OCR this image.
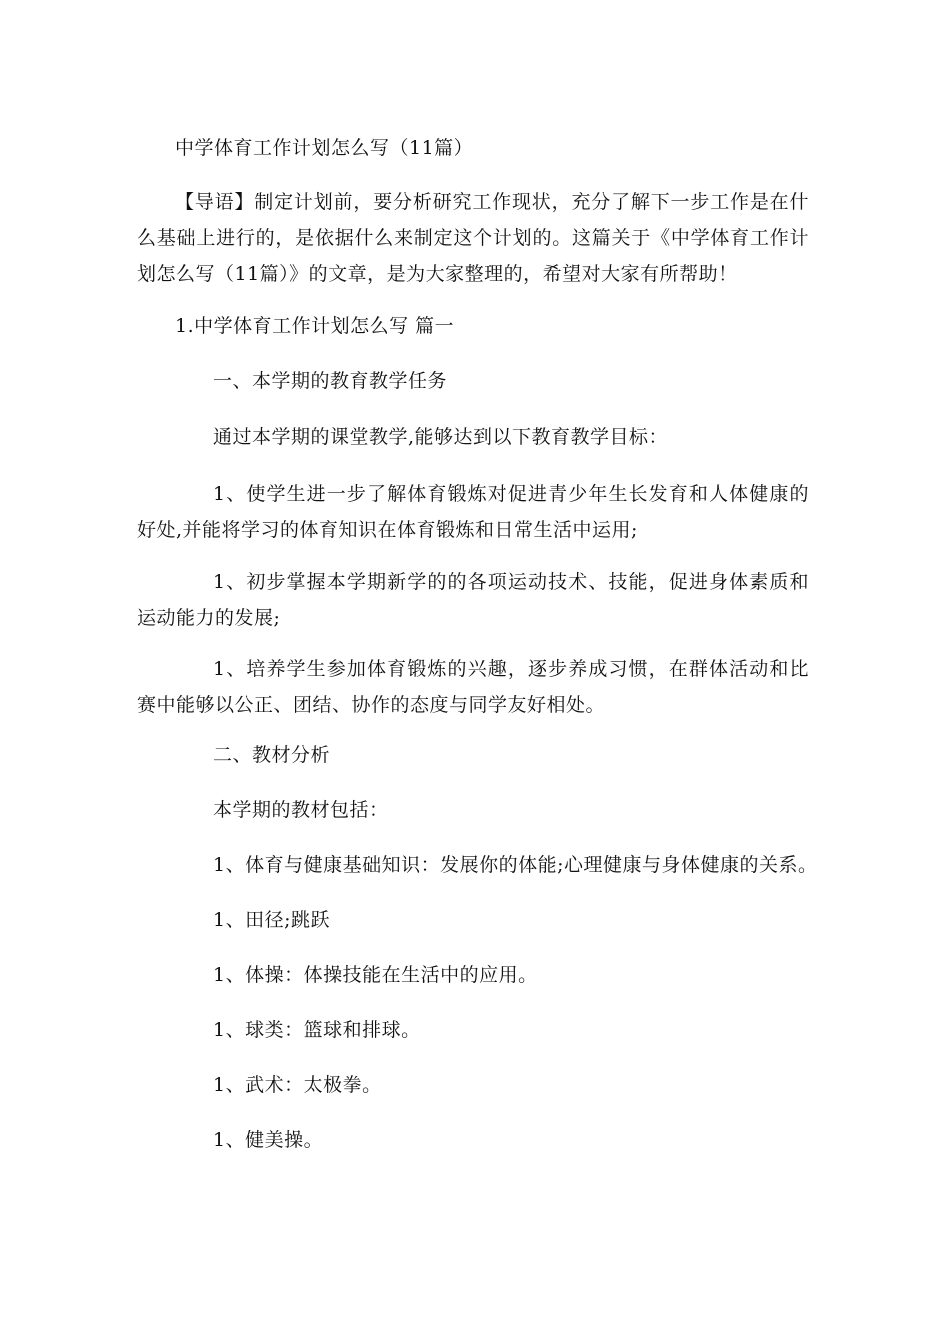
中学体育工作计划怎么写（11篇）
【导语】制定计划前，要分析研究工作现状，充分了解下一步工作是在什么基础上进行的，是依据什么来制定这个计划的。这篇关于《中学体育工作计划怎么写（11篇）》的文章，是为大家整理的，希望对大家有所帮助！
1.中学体育工作计划怎么写 篇一
一、本学期的教育教学任务
通过本学期的课堂教学,能够达到以下教育教学目标：
1、使学生进一步了解体育锻炼对促进青少年生长发育和人体健康的好处,并能将学习的体育知识在体育锻炼和日常生活中运用;
1、初步掌握本学期新学的的各项运动技术、技能，促进身体素质和运动能力的发展;
1、培养学生参加体育锻炼的兴趣，逐步养成习惯，在群体活动和比赛中能够以公正、团结、协作的态度与同学友好相处。
二、教材分析
本学期的教材包括：
1、体育与健康基础知识：发展你的体能;心理健康与身体健康的关系。
1、田径;跳跃
1、体操：体操技能在生活中的应用。
1、球类：篮球和排球。
1、武术：太极拳。
1、健美操。
